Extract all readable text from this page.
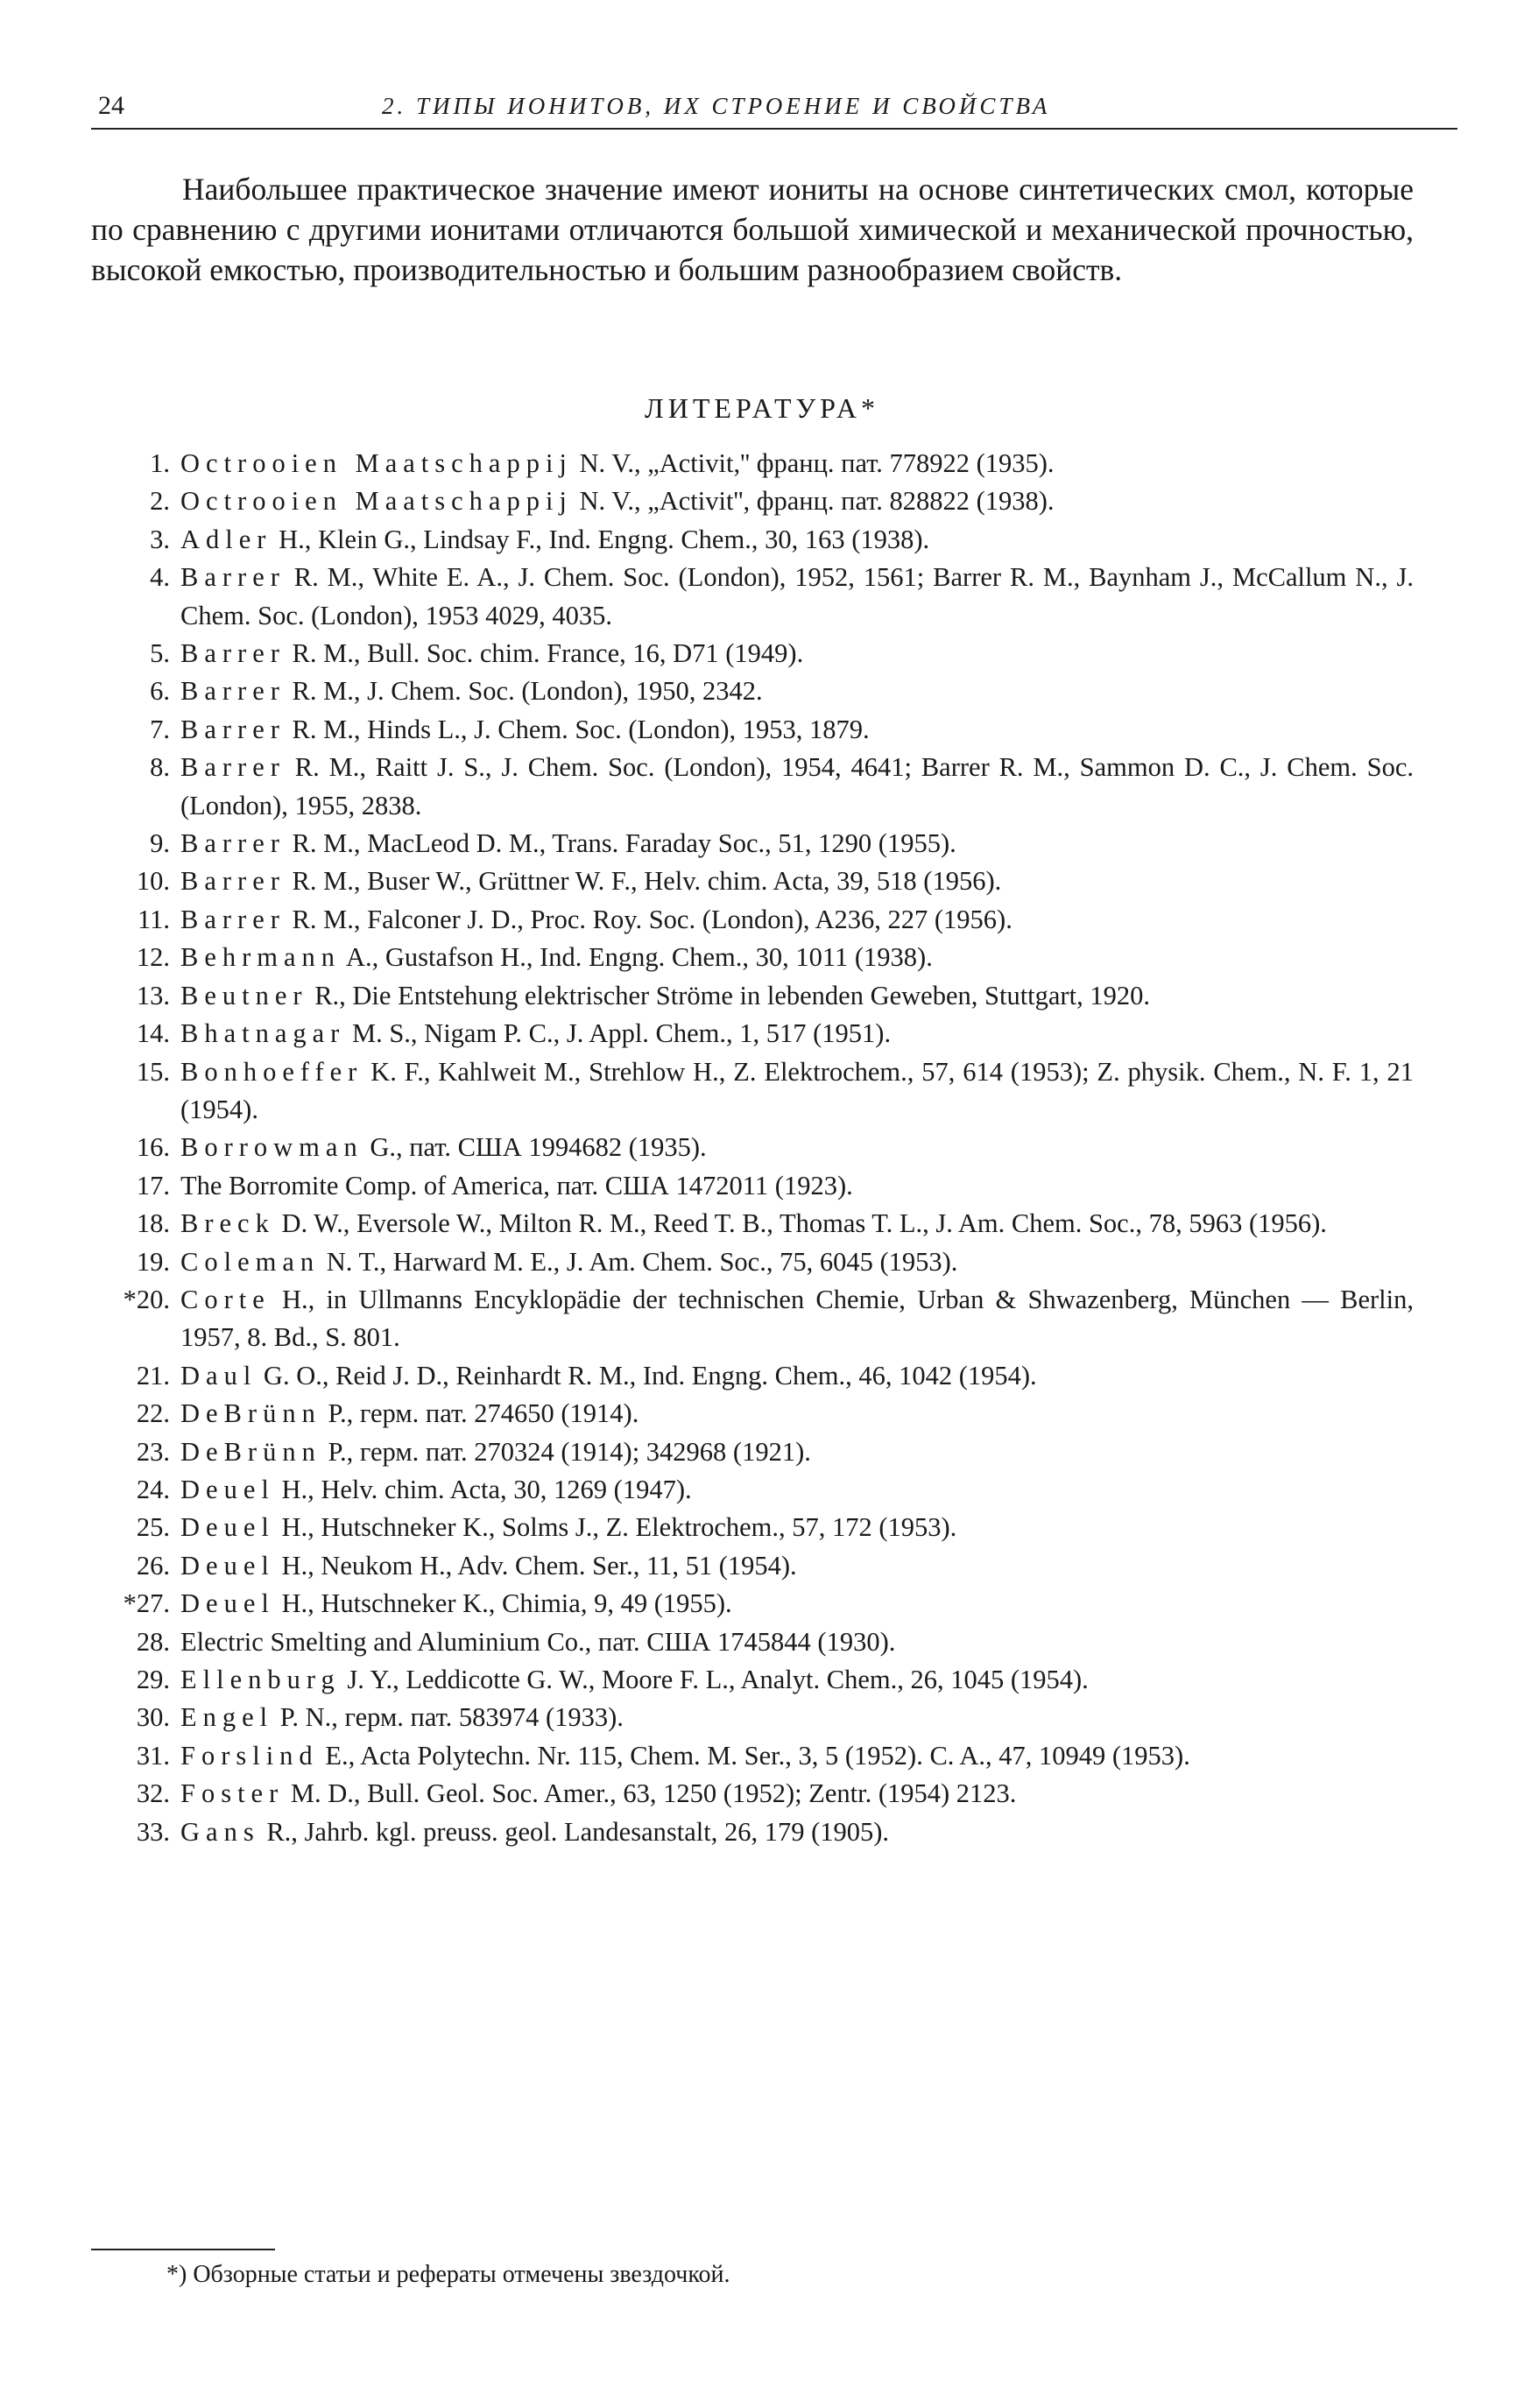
24	2. ТИПЫ ИОНИТОВ, ИХ СТРОЕНИЕ И СВОЙСТВА

Наибольшее практическое значение имеют иониты на основе синтетических смол, которые по сравнению с другими ионитами отличаются большой химической и механической прочностью, высокой емкостью, производительностью и большим разнообразием свойств.

ЛИТЕРАТУРА*
1. Octrooien Maatschappij N. V., „Activit,'' франц. пат. 778922 (1935).
2. Octrooien Maatschappij N. V., „Activit'', франц. пат. 828822 (1938).
3. Adler H., Klein G., Lindsay F., Ind. Engng. Chem., 30, 163 (1938).
4. Barrer R. M., White E. A., J. Chem. Soc. (London), 1952, 1561; Barrer R. M., Baynham J., McCallum N., J. Chem. Soc. (London), 1953 4029, 4035.
5. Barrer R. M., Bull. Soc. chim. France, 16, D71 (1949).
6. Barrer R. M., J. Chem. Soc. (London), 1950, 2342.
7. Barrer R. M., Hinds L., J. Chem. Soc. (London), 1953, 1879.
8. Barrer R. M., Raitt J. S., J. Chem. Soc. (London), 1954, 4641; Barrer R. M., Sammon D. C., J. Chem. Soc. (London), 1955, 2838.
9. Barrer R. M., MacLeod D. M., Trans. Faraday Soc., 51, 1290 (1955).
10. Barrer R. M., Buser W., Grüttner W. F., Helv. chim. Acta, 39, 518 (1956).
11. Barrer R. M., Falconer J. D., Proc. Roy. Soc. (London), A236, 227 (1956).
12. Behrmann A., Gustafson H., Ind. Engng. Chem., 30, 1011 (1938).
13. Beutner R., Die Entstehung elektrischer Ströme in lebenden Geweben, Stuttgart, 1920.
14. Bhatnagar M. S., Nigam P. C., J. Appl. Chem., 1, 517 (1951).
15. Bonhoeffer K. F., Kahlweit M., Strehlow H., Z. Elektrochem., 57, 614 (1953); Z. physik. Chem., N. F. 1, 21 (1954).
16. Borrowman G., пат. США 1994682 (1935).
17. The Borromite Comp. of America, пат. США 1472011 (1923).
18. Breck D. W., Eversole W., Milton R. M., Reed T. B., Thomas T. L., J. Am. Chem. Soc., 78, 5963 (1956).
19. Coleman N. T., Harward M. E., J. Am. Chem. Soc., 75, 6045 (1953).
*20. Corte H., in Ullmanns Encyklopädie der technischen Chemie, Urban & Shwazenberg, München — Berlin, 1957, 8. Bd., S. 801.
21. Daul G. O., Reid J. D., Reinhardt R. M., Ind. Engng. Chem., 46, 1042 (1954).
22. DeBrünn P., герм. пат. 274650 (1914).
23. DeBrünn P., герм. пат. 270324 (1914); 342968 (1921).
24. Deuel H., Helv. chim. Acta, 30, 1269 (1947).
25. Deuel H., Hutschneker K., Solms J., Z. Elektrochem., 57, 172 (1953).
26. Deuel H., Neukom H., Adv. Chem. Ser., 11, 51 (1954).
*27. Deuel H., Hutschneker K., Chimia, 9, 49 (1955).
28. Electric Smelting and Aluminium Co., пат. США 1745844 (1930).
29. Ellenburg J. Y., Leddicotte G. W., Moore F. L., Analyt. Chem., 26, 1045 (1954).
30. Engel P. N., герм. пат. 583974 (1933).
31. Forslind E., Acta Polytechn. Nr. 115, Chem. M. Ser., 3, 5 (1952). C. A., 47, 10949 (1953).
32. Foster M. D., Bull. Geol. Soc. Amer., 63, 1250 (1952); Zentr. (1954) 2123.
33. Gans R., Jahrb. kgl. preuss. geol. Landesanstalt, 26, 179 (1905).
*) Обзорные статьи и рефераты отмечены звездочкой.
